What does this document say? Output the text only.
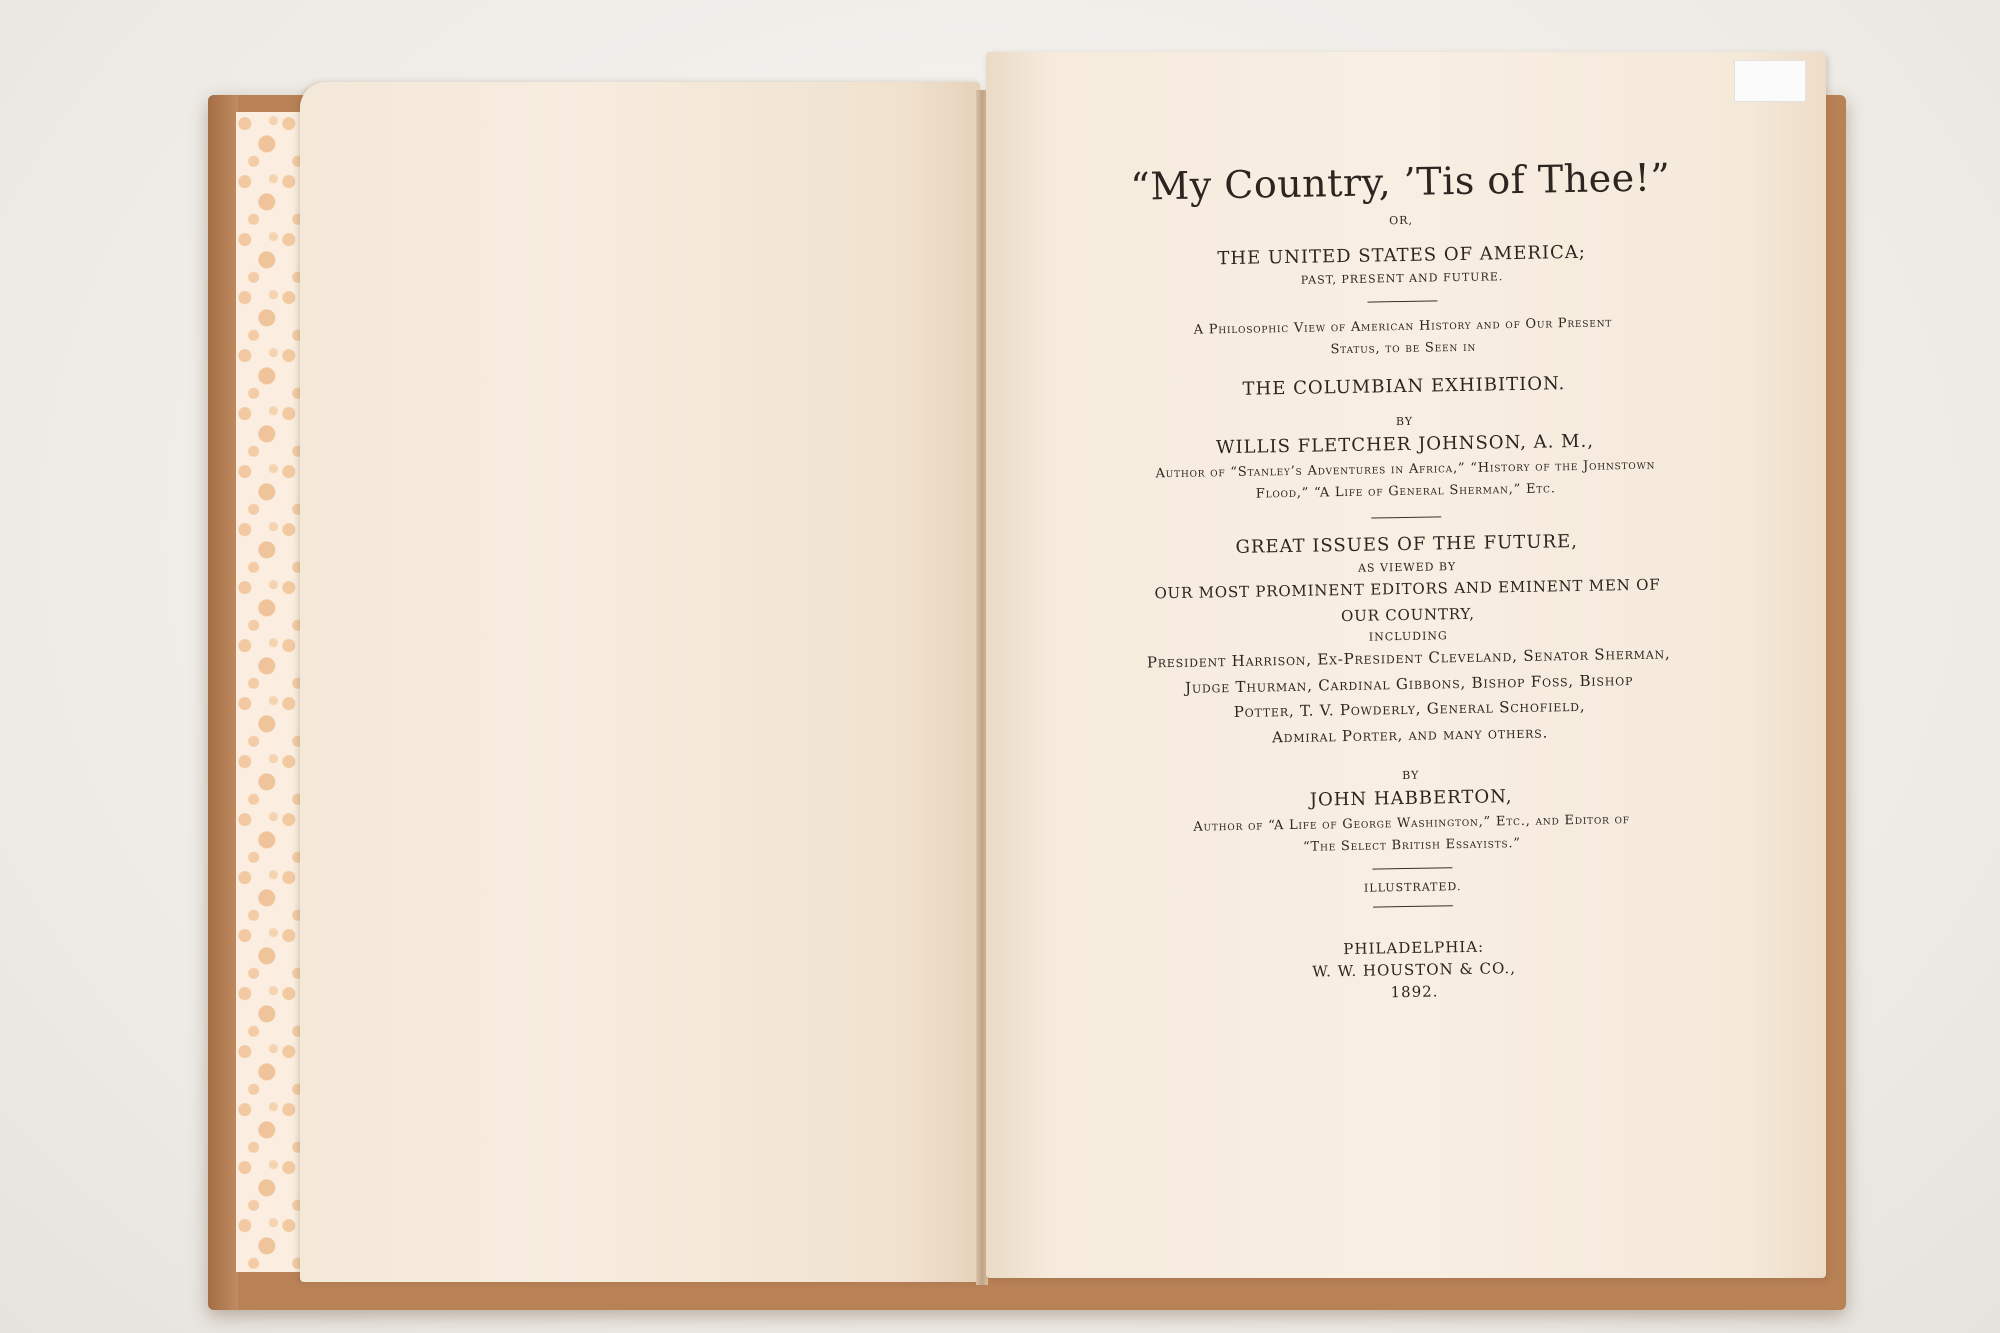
“My Country, ’Tis of Thee!”
OR,
THE UNITED STATES OF AMERICA;
PAST, PRESENT AND FUTURE.
A Philosophic View of American History and of Our Present
Status, to be Seen in
THE COLUMBIAN EXHIBITION.
BY
WILLIS FLETCHER JOHNSON, A. M.,
Author of “Stanley’s Adventures in Africa,” “History of the Johnstown
Flood,” “A Life of General Sherman,” Etc.
GREAT ISSUES OF THE FUTURE,
AS VIEWED BY
OUR MOST PROMINENT EDITORS AND EMINENT MEN OF
OUR COUNTRY,
INCLUDING
President Harrison, Ex-President Cleveland, Senator Sherman,
Judge Thurman, Cardinal Gibbons, Bishop Foss, Bishop
Potter, T. V. Powderly, General Schofield,
Admiral Porter, and many others.
BY
JOHN HABBERTON,
Author of “A Life of George Washington,” Etc., and Editor of
“The Select British Essayists.”
ILLUSTRATED.
PHILADELPHIA:
W. W. HOUSTON & CO.,
1892.
